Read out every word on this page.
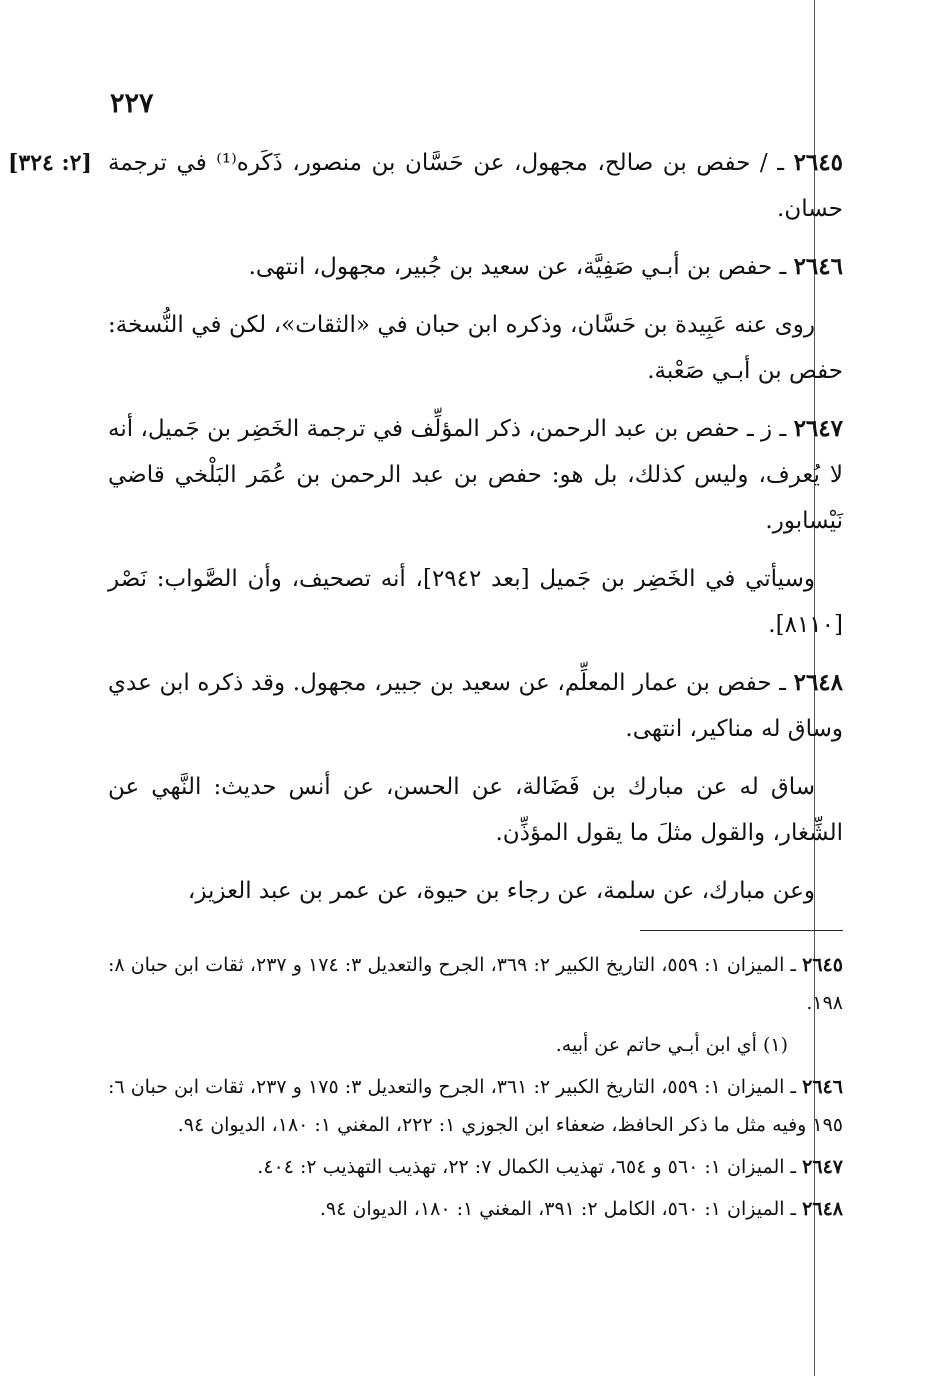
٢٢٧
[٢: ٣٢٤]	٢٦٤٥ ـ / حفص بن صالح، مجهول، عن حَسَّان بن منصور، ذَكَره⁽¹⁾ في ترجمة حسان.

٢٦٤٦ ـ حفص بن أبـي صَفِيَّة، عن سعيد بن جُبير، مجهول، انتهى.

روى عنه عَبِيدة بن حَسَّان، وذكره ابن حبان في «الثقات»، لكن في النُّسخة: حفص بن أبـي صَعْبة.

٢٦٤٧ ـ ز ـ حفص بن عبد الرحمن، ذكر المؤلِّف في ترجمة الخَضِر بن جَميل، أنه لا يُعرف، وليس كذلك، بل هو: حفص بن عبد الرحمن بن عُمَر البَلْخي قاضي نَيْسابور.

وسيأتي في الخَضِر بن جَميل [بعد ٢٩٤٢]، أنه تصحيف، وأن الصَّواب: نَصْر [٨١١٠].

٢٦٤٨ ـ حفص بن عمار المعلِّم، عن سعيد بن جبير، مجهول. وقد ذكره ابن عدي وساق له مناكير، انتهى.

ساق له عن مبارك بن فَضَالة، عن الحسن، عن أنس حديث: النَّهي عن الشِّغار، والقول مثلَ ما يقول المؤذِّن.

وعن مبارك، عن سلمة، عن رجاء بن حيوة، عن عمر بن عبد العزيز،

٢٦٤٥ ـ الميزان ١: ٥٥٩، التاريخ الكبير ٢: ٣٦٩، الجرح والتعديل ٣: ١٧٤ و ٢٣٧، ثقات ابن حبان ٨: ١٩٨.

(١) أي ابن أبـي حاتم عن أبيه.

٢٦٤٦ ـ الميزان ١: ٥٥٩، التاريخ الكبير ٢: ٣٦١، الجرح والتعديل ٣: ١٧٥ و ٢٣٧، ثقات ابن حبان ٦: ١٩٥ وفيه مثل ما ذكر الحافظ، ضعفاء ابن الجوزي ١: ٢٢٢، المغني ١: ١٨٠، الديوان ٩٤.

٢٦٤٧ ـ الميزان ١: ٥٦٠ و ٦٥٤، تهذيب الكمال ٧: ٢٢، تهذيب التهذيب ٢: ٤٠٤.

٢٦٤٨ ـ الميزان ١: ٥٦٠، الكامل ٢: ٣٩١، المغني ١: ١٨٠، الديوان ٩٤.
